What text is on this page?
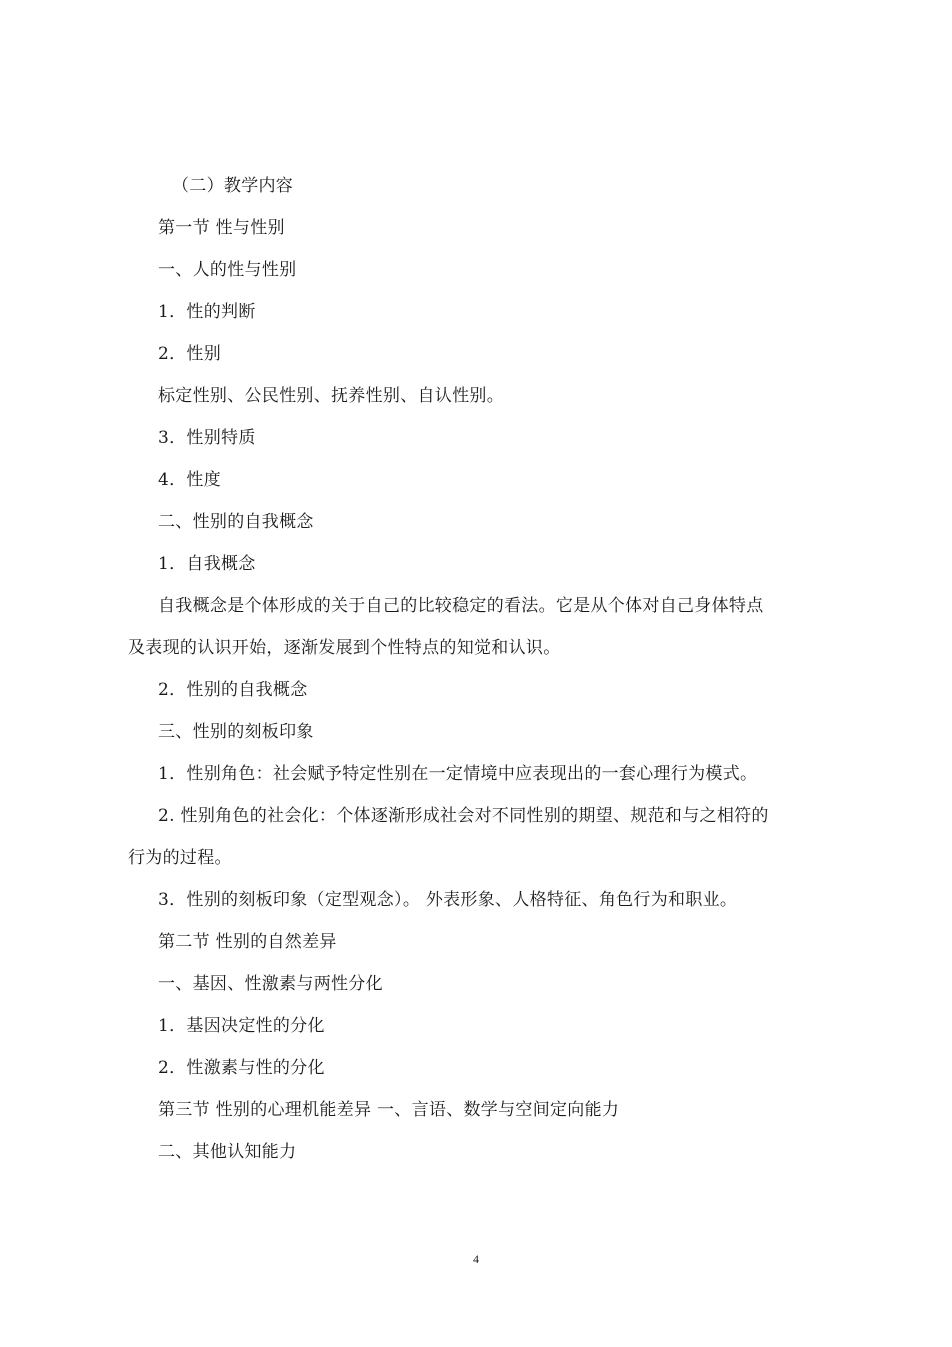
（二）教学内容
第一节 性与性别
一、人的性与性别
1．性的判断
2．性别
标定性别、公民性别、抚养性别、自认性别。
3．性别特质
4．性度
二、性别的自我概念
1．自我概念
自我概念是个体形成的关于自己的比较稳定的看法。它是从个体对自己身体特点
及表现的认识开始，逐渐发展到个性特点的知觉和认识。
2．性别的自我概念
三、性别的刻板印象
1．性别角色：社会赋予特定性别在一定情境中应表现出的一套心理行为模式。
2. 性别角色的社会化：个体逐渐形成社会对不同性别的期望、规范和与之相符的
行为的过程。
3．性别的刻板印象（定型观念）。 外表形象、人格特征、角色行为和职业。
第二节 性别的自然差异
一、基因、性激素与两性分化
1．基因决定性的分化
2．性激素与性的分化
第三节 性别的心理机能差异 一、言语、数学与空间定向能力
二、其他认知能力
4
